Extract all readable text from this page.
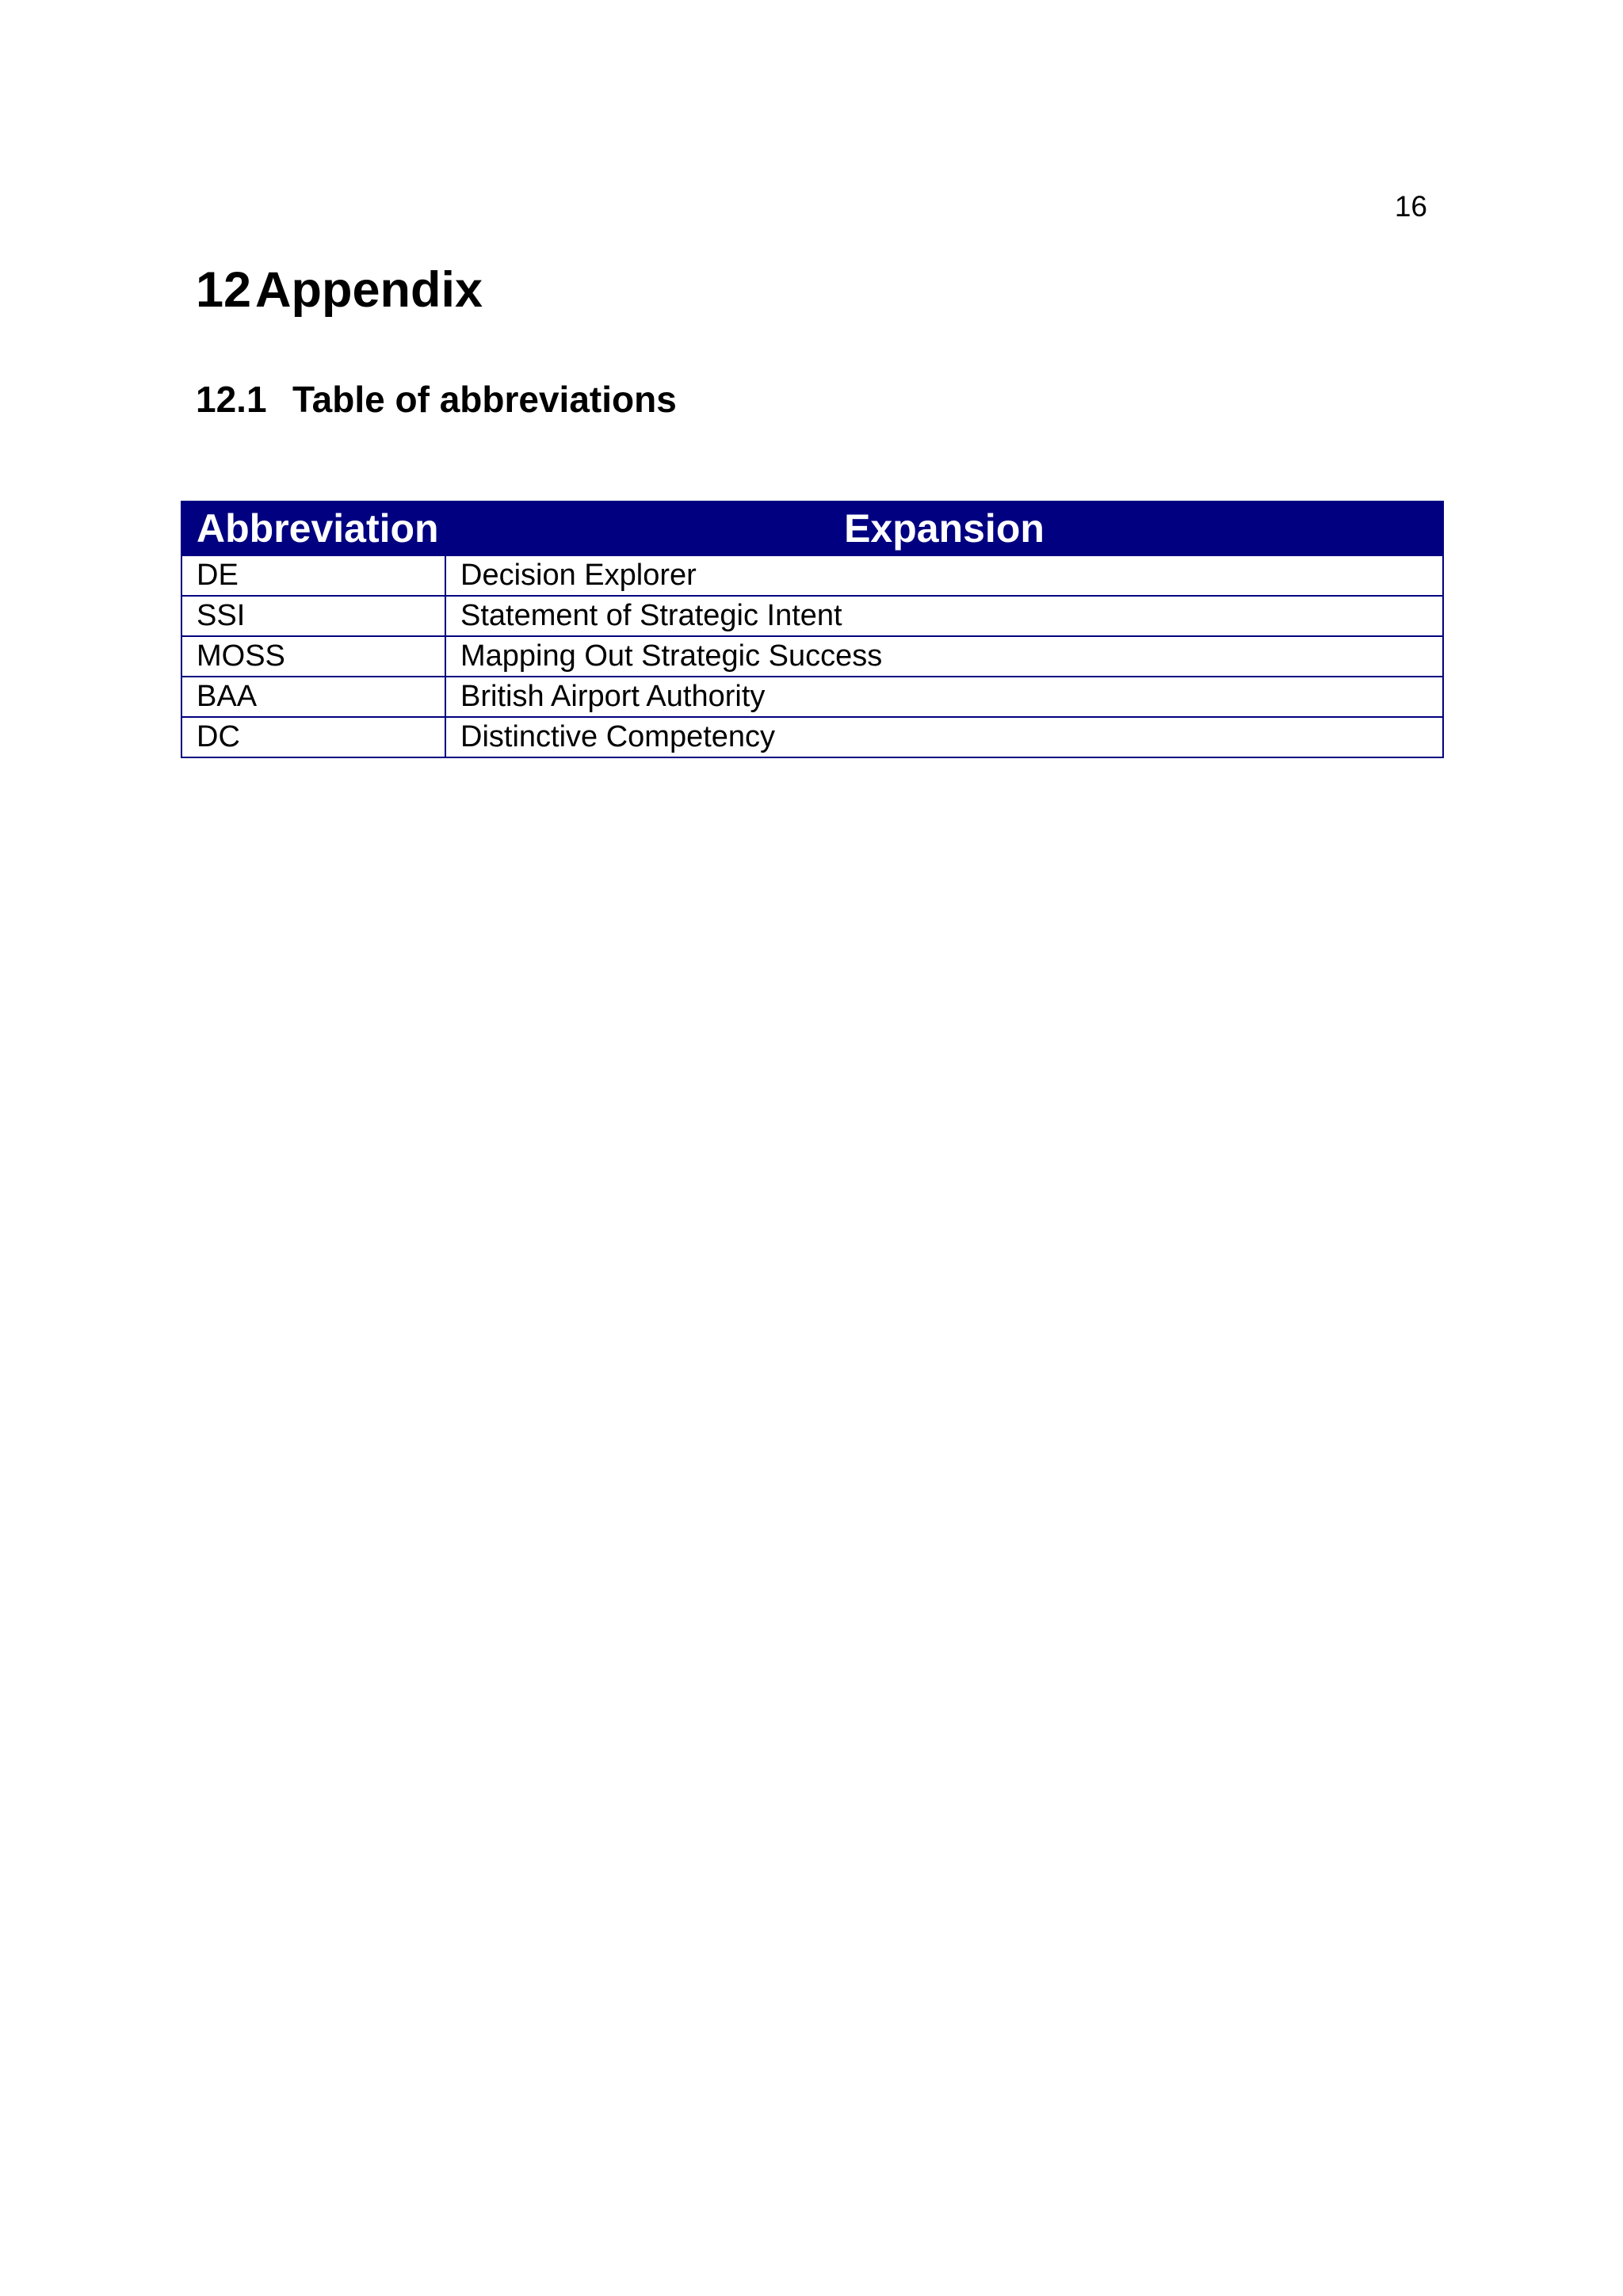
16
12 Appendix
12.1 Table of abbreviations
Abbreviation	Expansion
DE	Decision Explorer
SSI	Statement of Strategic Intent
MOSS	Mapping Out Strategic Success
BAA	British Airport Authority
DC	Distinctive Competency
